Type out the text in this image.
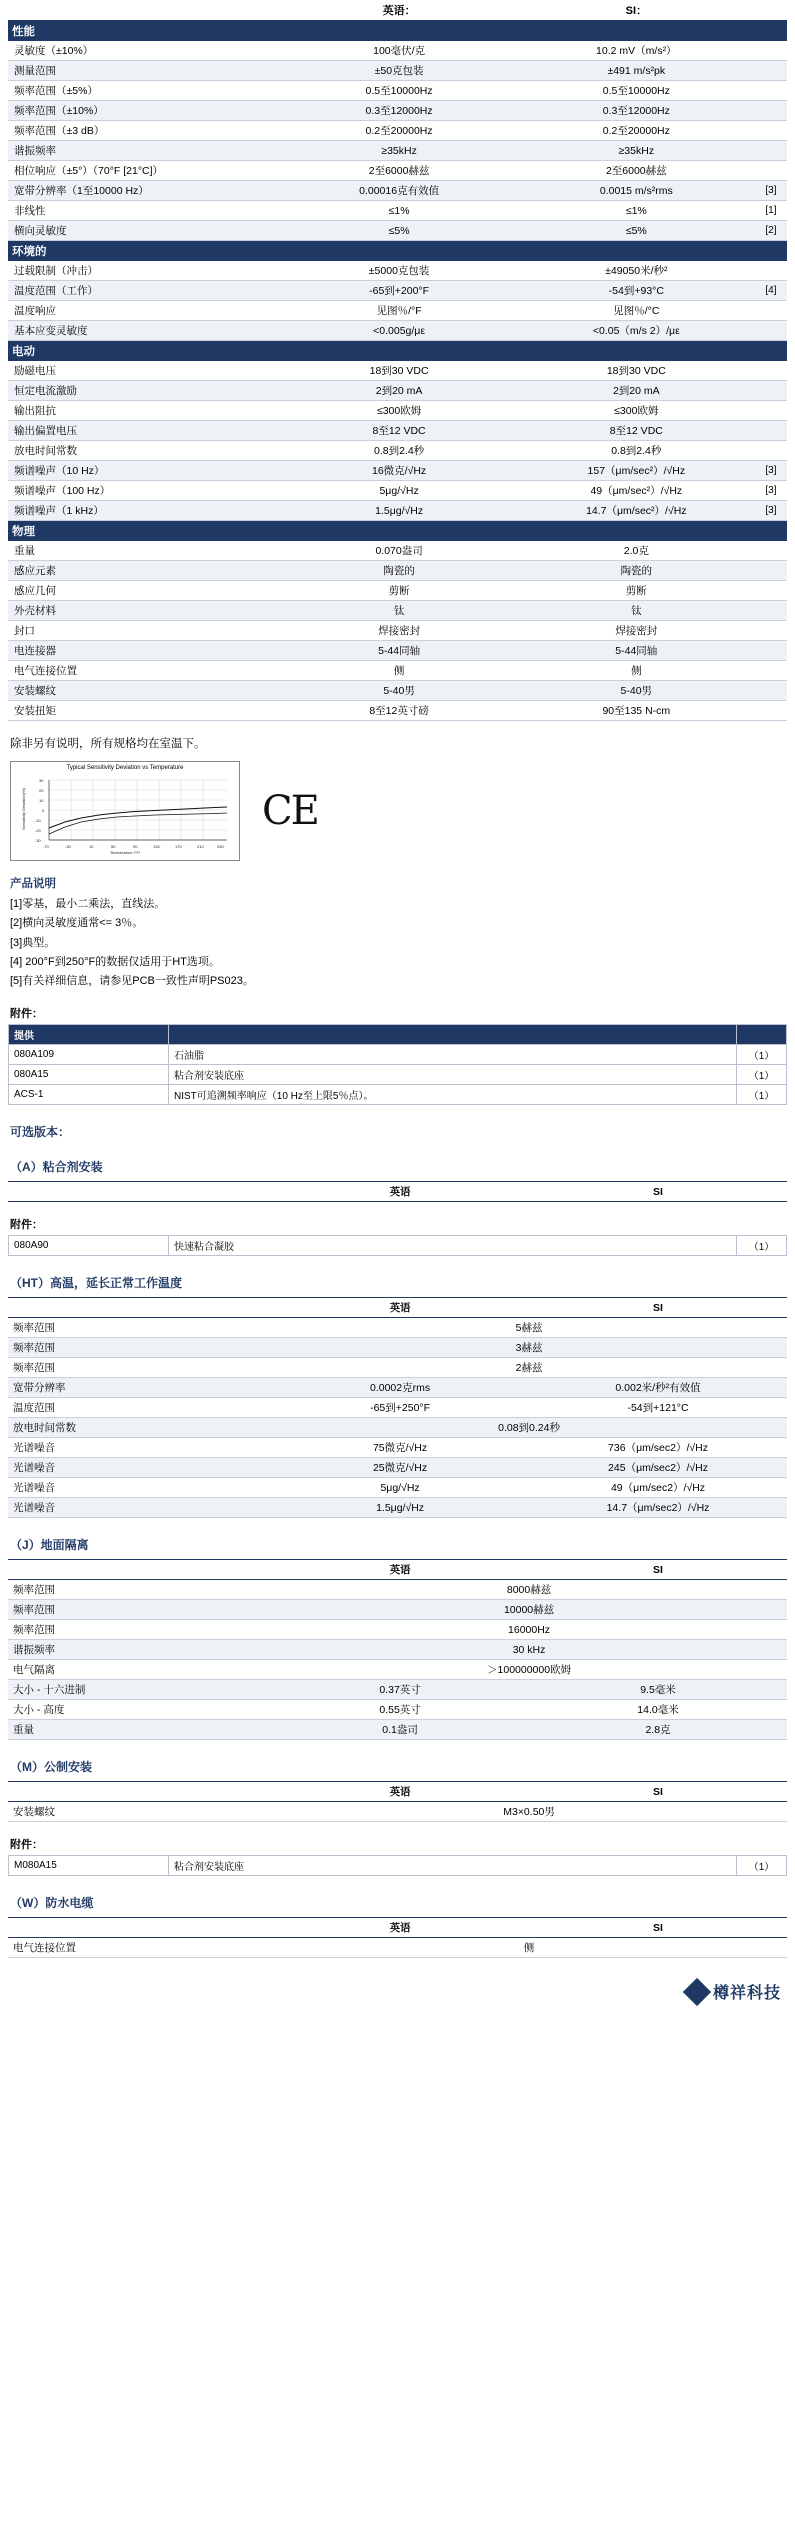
	英语：	SI：	
性能			
灵敏度（±10%）	100毫伏/克	10.2 mV（m/s²）	
测量范围	±50克包装	±491 m/s²pk	
频率范围（±5%）	0.5至10000Hz	0.5至10000Hz	
频率范围（±10%）	0.3至12000Hz	0.3至12000Hz	
频率范围（±3 dB）	0.2至20000Hz	0.2至20000Hz	
谐振频率	≥35kHz	≥35kHz	
相位响应（±5°）（70°F [21°C]）	2至6000赫兹	2至6000赫兹	
宽带分辨率（1至10000 Hz）	0.00016克有效值	0.0015 m/s²rms	[3]
非线性	≤1%	≤1%	[1]
横向灵敏度	≤5%	≤5%	[2]
环境的			
过载限制（冲击）	±5000克包装	±49050米/秒²	
温度范围（工作）	-65到+200°F	-54到+93°C	[4]
温度响应	见图％/°F	见图％/°C	
基本应变灵敏度	<0.005g/με	<0.05（m/s 2）/με	
电动			
励磁电压	18到30 VDC	18到30 VDC	
恒定电流激励	2到20 mA	2到20 mA	
输出阻抗	≤300欧姆	≤300欧姆	
输出偏置电压	8至12 VDC	8至12 VDC	
放电时间常数	0.8到2.4秒	0.8到2.4秒	
频谱噪声（10 Hz）	16微克/√Hz	157（μm/sec²）/√Hz	[3]
频谱噪声（100 Hz）	5μg/√Hz	49（μm/sec²）/√Hz	[3]
频谱噪声（1 kHz）	1.5μg/√Hz	14.7（μm/sec²）/√Hz	[3]
物理			
重量	0.070盎司	2.0克	
感应元素	陶瓷的	陶瓷的	
感应几何	剪断	剪断	
外壳材料	钛	钛	
封口	焊接密封	焊接密封	
电连接器	5-44同轴	5-44同轴	
电气连接位置	侧	侧	
安装螺纹	5-40男	5-40男	
安装扭矩	8至12英寸磅	90至135 N-cm	
除非另有说明，所有规格均在室温下。
Typical Sensitivity Deviation vs Temperature
30
20
10
0
-10
-20
-30
-70	-30	10	50	90	130	170	210	250
Temperature (°F)
Sensitivity Deviation(%)	CE
产品说明
[1]零基，最小二乘法，直线法。
[2]横向灵敏度通常<= 3％。
[3]典型。
[4] 200°F到250°F的数据仅适用于HT选项。
[5]有关祥细信息，请参见PCB一致性声明PS023。
附件：
提供		
080A109	石油脂	（1）
080A15	粘合剂安装底座	（1）
ACS-1	NIST可追溯频率响应（10 Hz至上限5％点）。	（1）
可选版本：
（A）粘合剂安装
	英语	SI
附件：
080A90	快速粘合凝胶	（1）
（HT）高温，延长正常工作温度
	英语	SI
频率范围	5赫兹	
频率范围	3赫兹	
频率范围	2赫兹	
宽带分辨率	0.0002克rms	0.002米/秒²有效值
温度范围	-65到+250°F	-54到+121°C
放电时间常数	0.08到0.24秒	
光谱噪音	75微克/√Hz	736（μm/sec2）/√Hz
光谱噪音	25微克/√Hz	245（μm/sec2）/√Hz
光谱噪音	5μg/√Hz	49（μm/sec2）/√Hz
光谱噪音	1.5μg/√Hz	14.7（μm/sec2）/√Hz
（J）地面隔离
	英语	SI
频率范围	8000赫兹	
频率范围	10000赫兹	
频率范围	16000Hz	
谐振频率	30 kHz	
电气隔离	＞100000000欧姆	
大小 - 十六进制	0.37英寸	9.5毫米
大小 - 高度	0.55英寸	14.0毫米
重量	0.1盎司	2.8克
（M）公制安装
	英语	SI
安装螺纹	M3×0.50男	
附件：
M080A15	粘合剂安装底座	（1）
（W）防水电缆
	英语	SI
电气连接位置	侧	
樽祥科技
